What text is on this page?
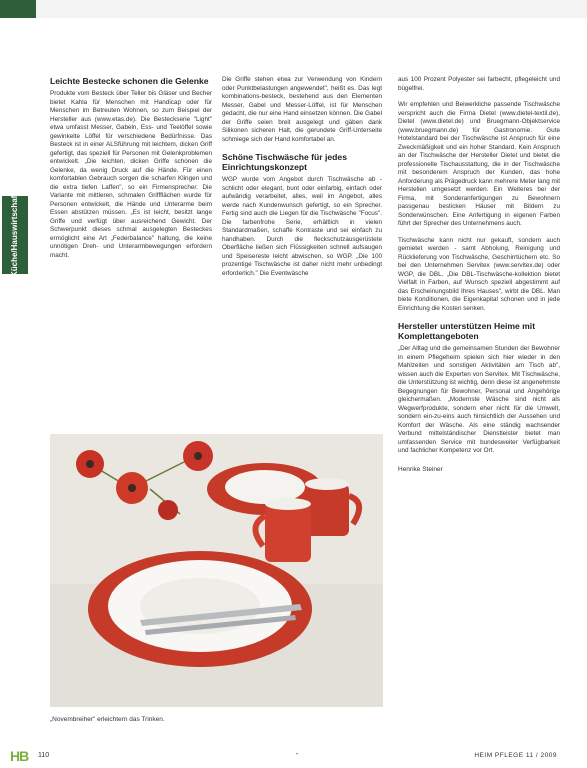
Küche/Hauswirtschaft
Leichte Bestecke schonen die Gelenke

Produkte vom Besteck über Teller bis Gläser und Becher bietet Kahla für Menschen mit Handicap oder für Menschen im Betreuten Wohnen, so zum Beispiel der Hersteller aus (www.etas.de). Die Besteckserie "Light" etwa umfasst Messer, Gabeln, Ess- und Teelöffel sowie gewinkelte Löffel für verschiedene Bedürfnisse. Das Besteck ist in einer ALSführung mit leichtem, dicken Griff gefertigt, das speziell für Personen mit Gelenkproblemen entwickelt. „Die leichten, dicken Griffe schonen die Gelenke, da wenig Druck auf die Hände. Für einen komfortablen Gebrauch sorgen die scharfen Klingen und die extra tiefen Laffen", so ein Firmensprecher. Die Variante mit mittleren, schmalen Griffflächen wurde für Personen entwickelt, die Hände und Unterarme beim Essen abstützen müssen. „Es ist leicht, besitzt lange Griffe und verfügt über ausreichend Gewicht. Der Schwerpunkt dieses schmal ausgelegten Besteckes ermöglicht eine Art „Federbalance" haltung, die keine unnötigen Dreh- und Unterarmbewegungen erfordern macht.

Die Griffe stehen etwa zur Verwendung von Kindern oder Punktbelastungen angewendet", heißt es. Das legt kombinations-besteck, bestehend aus den Elementen Messer, Gabel und Messer-Löffel, ist für Menschen gedacht, die nur eine Hand einsetzen können. Die Gabel der Griffe seien breit ausgelegt und gäben dank Silikonen sicheren Halt, die gerundete Griff-Unterseite schmiege sich der Hand komfortabel an.

Schöne Tischwäsche für jedes Einrichtungskonzept

WGP wurde vom Angebot durch Tischwäsche ab - schlicht oder elegant, bunt oder einfarbig, einfach oder aufwändig verarbeitet, alles, weil im Angebot, alles werde nach Kundenwunsch gefertigt, so ein Sprecher. Fertig sind auch die Liegen für die Tischwäsche "Focus". Die farbenfrohe Serie, erhältlich in vielen Standardmaßen, schaffe Kontraste und sei einfach zu handhaben. Durch die fleckschutzausgerüstete Oberfläche ließen sich Flüssigkeiten schnell aufsaugen und Speisereste leicht abwischen, so WGP. „Die 100 prozentige Tischwäsche ist daher nicht mehr unbedingt erforderlich." Die Eventwäsche

aus 100 Prozent Polyester sei farbecht, pflegeleicht und bügelfrei.

Wir empfehlen und Beiwerkliche passende Tischwäsche verspricht auch die Firma Dietel (www.dietel-textil.de), Dietel (www.dietel.de) und Bruegmann-Objektservice (www.bruegmann.de) für Gastronomie. Gute Hotelstandard bei der Tischwäsche ist Anspruch für eine Zweckmäßigkeit und ein hoher Standard. Kein Anspruch an der Tischwäsche der Hersteller Dietel und bietet die professionelle Tischausstattung, die in der Tischwäsche mit besonderem Anspruch der Kunden, das hohe Anforderung als Prägedruck kann mehrere Meter lang mit Herstellen umgesetzt werden. Ein Weiteres bei der Firma, mit Sonderanfertigungen zu Bewohnern passgenau besticken Häuser mit Bildern zu Sonderwünschen. Eine Anfertigung in eigenen Farben führt der Sprecher des Unternehmens auch.

Tischwäsche kann nicht nur gekauft, sondern auch gemietet werden - samt Abholung, Reinigung und Rücklieferung von Tischwäsche, Geschirrtüchern etc. So bei den Unternehmen Servitex (www.servitex.de) oder WGP, die DBL. „Die DBL-Tischwäsche-kollektion bietet Vielfalt in Farben, auf Wunsch speziell abgestimmt auf das Erscheinungsbild Ihres Hauses", wirbt die DBL. Man biete Konditionen, die Eigenkapital schonen und in jede Einrichtung die Kosten senken.

Hersteller unterstützen Heime mit Komplettangeboten

„Der Alltag und die gemeinsamen Stunden der Bewohner in einem Pflegeheim spielen sich hier wieder in den Mahlzeiten und sonstigen Aktivitäten am Tisch ab", wissen auch die Experten von Servitex. Mit Tischwäsche, die Unterstützung ist wichtig, denn diese ist angenehmste Begegnungen für Bewohner, Personal und Angehörige gleichermaßen. „Modernste Wäsche sind nicht als Wegwerfprodukte, sondern eher nicht für die Umwelt, sondern ein-zu-eins auch hinsichtlich der Aussehen und Komfort der Wäsche. Als eine ständig wachsender Verbund mittelständischer Dienstleister bietet man umfassenden Service mit bundesweiter Verfügbarkeit und fachlicher Kompetenz vor Ort.

Henrike Steiner
„Novembreiher" erleichtern das Trinken.
HB 110	•	HEIM PFLEGE 11 / 2009
